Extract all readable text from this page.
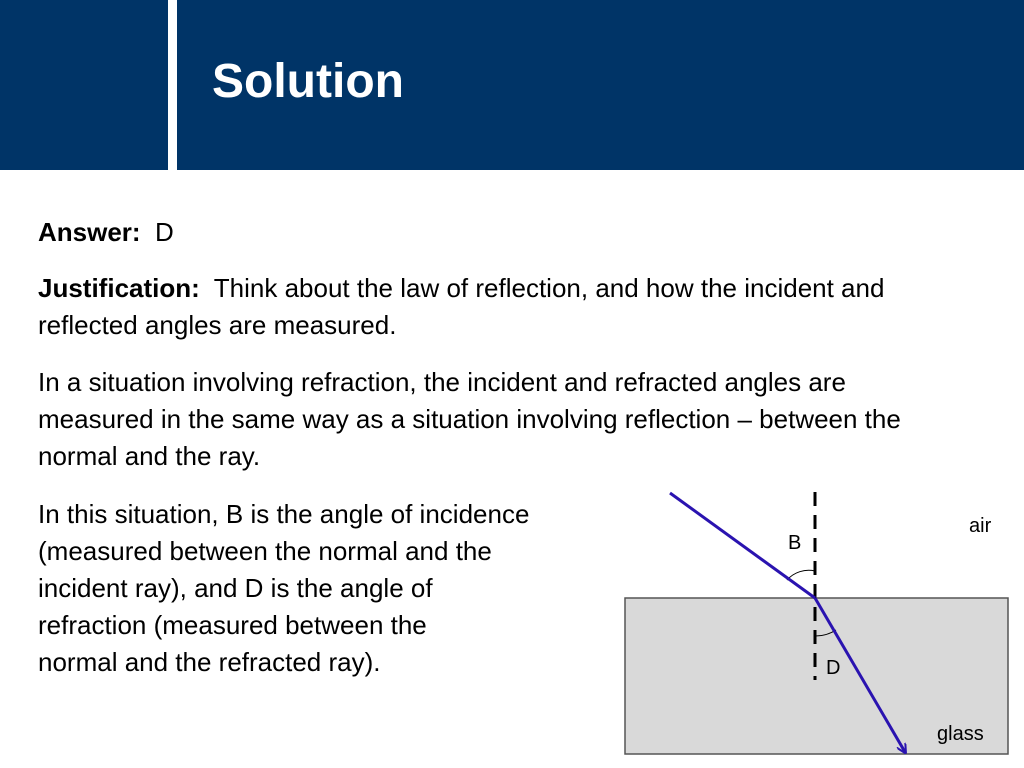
Solution

Answer: D

Justification: Think about the law of reflection, and how the incident and reflected angles are measured.

In a situation involving refraction, the incident and refracted angles are measured in the same way as a situation involving reflection – between the normal and the ray.

In this situation, B is the angle of incidence
(measured between the normal and the
incident ray), and D is the angle of
refraction (measured between the
normal and the refracted ray).

B
D
air
glass
